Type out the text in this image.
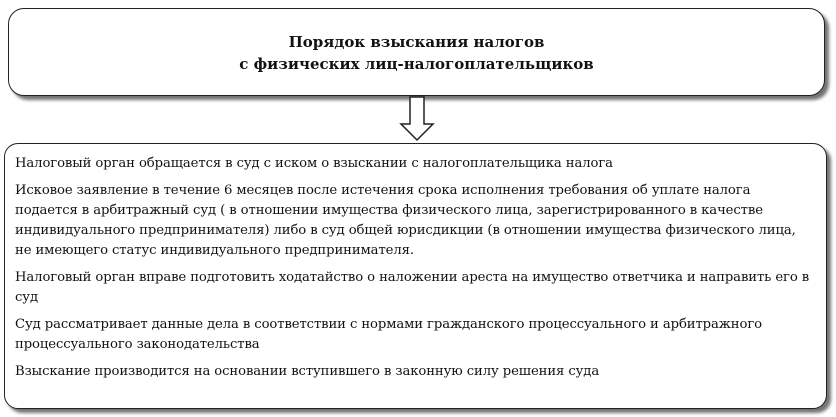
Порядок взыскания налогов
с физических лиц-налогоплательщиков

Налоговый орган обращается в суд с иском о взыскании с налогоплательщика налога

Исковое заявление в течение 6 месяцев после истечения срока исполнения требования об уплате налога подается в арбитражный суд ( в отношении имущества физического лица, зарегистрированного в качестве индивидуального предпринимателя) либо в суд общей юрисдикции (в отношении имущества физического лица, не имеющего статус индивидуального предпринимателя.

Налоговый орган вправе подготовить ходатайство о наложении ареста на имущество ответчика и направить его в суд

Суд рассматривает данные дела в соответствии с нормами гражданского процессуального и арбитражного процессуального законодательства

Взыскание производится на основании вступившего в законную силу решения суда
